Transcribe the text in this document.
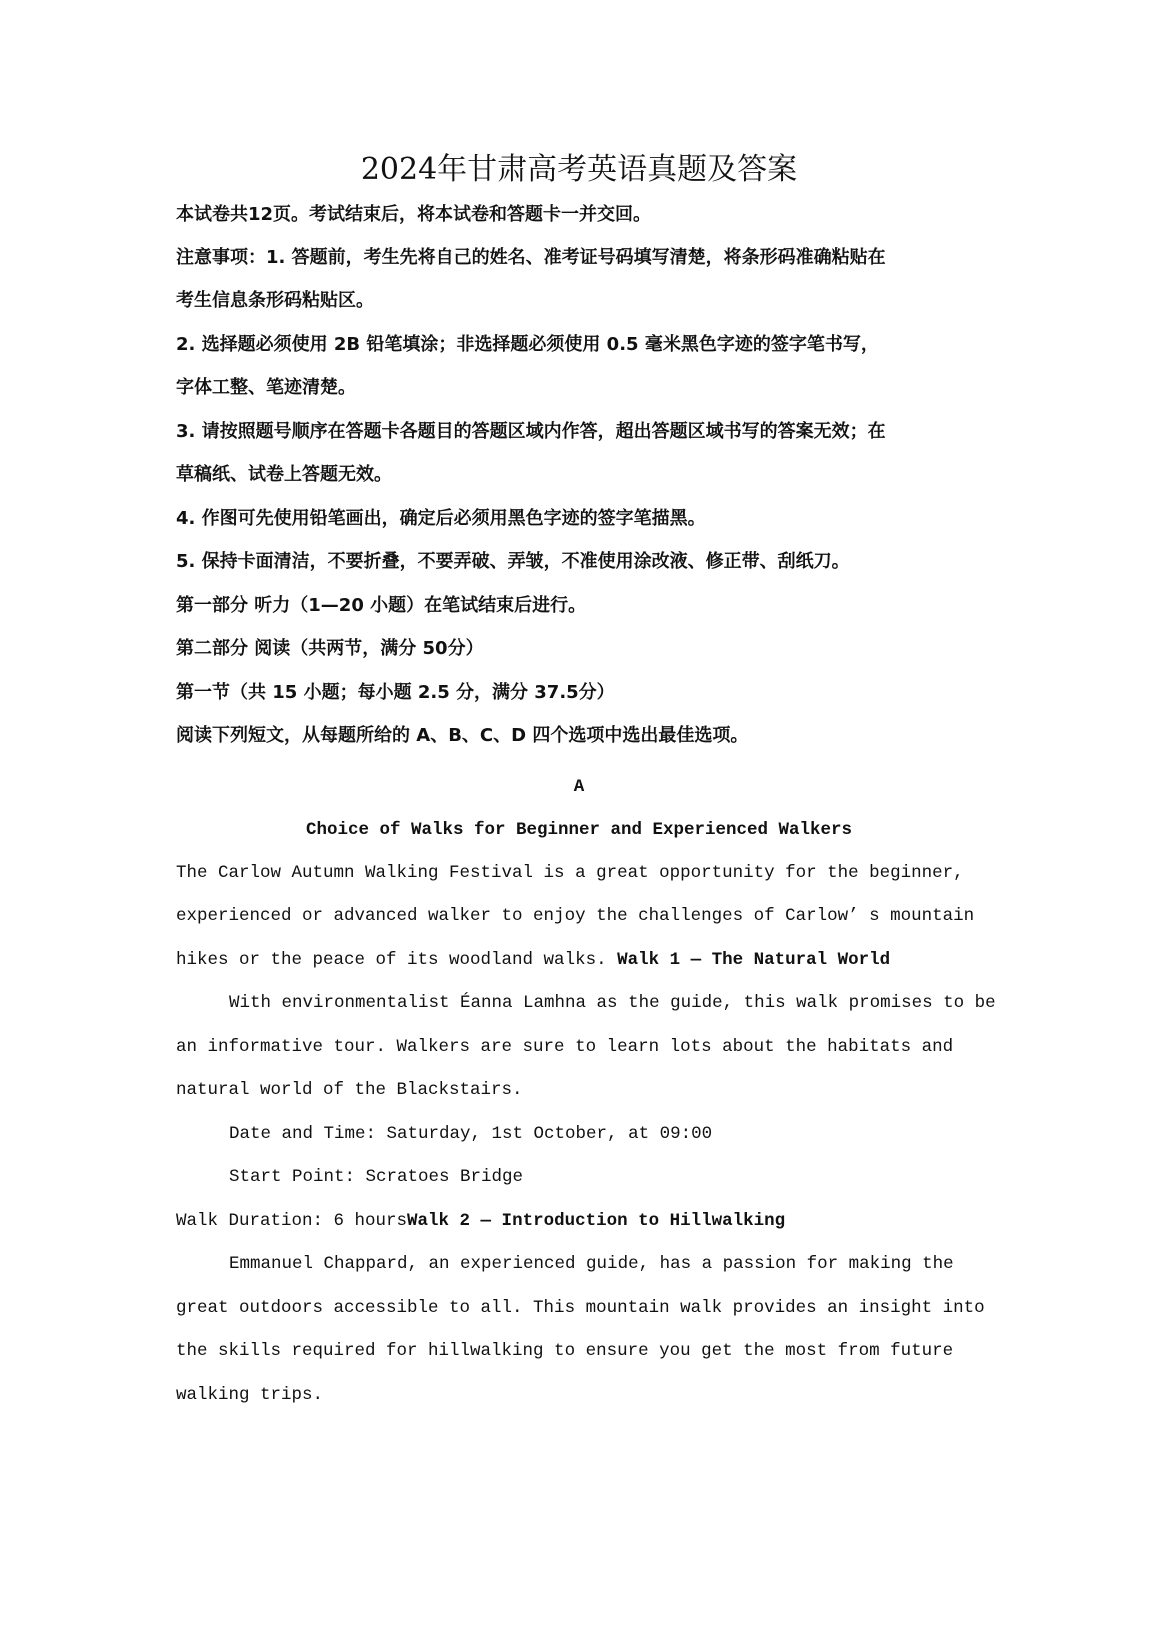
2024年甘肃高考英语真题及答案
本试卷共12页。考试结束后，将本试卷和答题卡一并交回。
注意事项：1. 答题前，考生先将自己的姓名、准考证号码填写清楚，将条形码准确粘贴在
考生信息条形码粘贴区。
2. 选择题必须使用 2B 铅笔填涂；非选择题必须使用 0.5 毫米黑色字迹的签字笔书写，
字体工整、笔迹清楚。
3. 请按照题号顺序在答题卡各题目的答题区域内作答，超出答题区域书写的答案无效；在
草稿纸、试卷上答题无效。
4. 作图可先使用铅笔画出，确定后必须用黑色字迹的签字笔描黑。
5. 保持卡面清洁，不要折叠，不要弄破、弄皱，不准使用涂改液、修正带、刮纸刀。
第一部分 听力（1—20 小题）在笔试结束后进行。
第二部分 阅读（共两节，满分 50分）
第一节（共 15 小题；每小题 2.5 分，满分 37.5分）
阅读下列短文，从每题所给的 A、B、C、D 四个选项中选出最佳选项。
A
Choice of Walks for Beginner and Experienced Walkers
The Carlow Autumn Walking Festival is a great opportunity for the beginner,
experienced or advanced walker to enjoy the challenges of Carlow’ s mountain
hikes or the peace of its woodland walks. Walk 1 — The Natural World
With environmentalist Éanna Lamhna as the guide, this walk promises to be
an informative tour. Walkers are sure to learn lots about the habitats and
natural world of the Blackstairs.
Date and Time: Saturday, 1st October, at 09:00
Start Point: Scratoes Bridge
Walk Duration: 6 hoursWalk 2 — Introduction to Hillwalking
Emmanuel Chappard, an experienced guide, has a passion for making the
great outdoors accessible to all. This mountain walk provides an insight into
the skills required for hillwalking to ensure you get the most from future
walking trips.
